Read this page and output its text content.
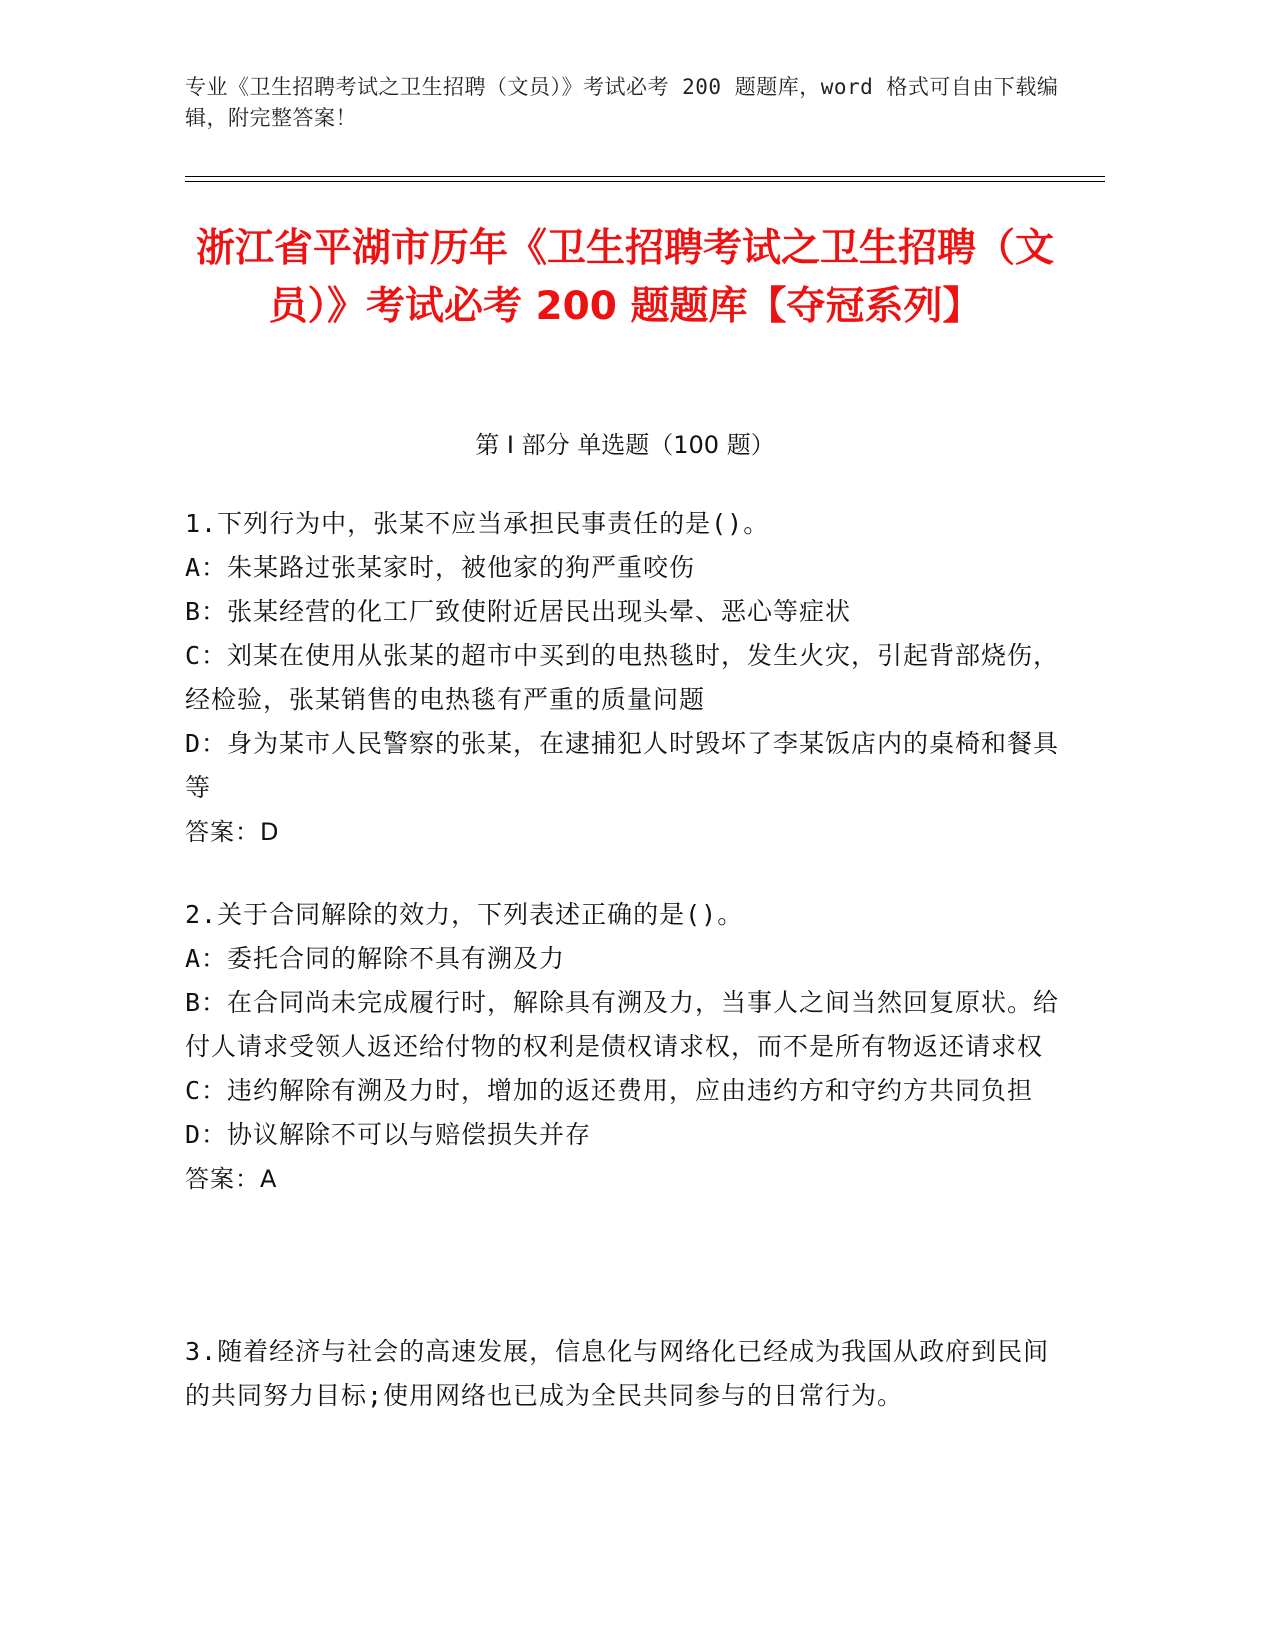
专业《卫生招聘考试之卫生招聘（文员）》考试必考 200 题题库，word 格式可自由下载编辑，附完整答案！
浙江省平湖市历年《卫生招聘考试之卫生招聘（文员）》考试必考 200 题题库【夺冠系列】
第 I 部分 单选题（100 题）

1.下列行为中，张某不应当承担民事责任的是()。

A：朱某路过张某家时，被他家的狗严重咬伤

B：张某经营的化工厂致使附近居民出现头晕、恶心等症状

C：刘某在使用从张某的超市中买到的电热毯时，发生火灾，引起背部烧伤，经检验，张某销售的电热毯有严重的质量问题

D：身为某市人民警察的张某，在逮捕犯人时毁坏了李某饭店内的桌椅和餐具等

答案：D

2.关于合同解除的效力，下列表述正确的是()。

A：委托合同的解除不具有溯及力

B：在合同尚未完成履行时，解除具有溯及力，当事人之间当然回复原状。给付人请求受领人返还给付物的权利是债权请求权，而不是所有物返还请求权

C：违约解除有溯及力时，增加的返还费用，应由违约方和守约方共同负担

D：协议解除不可以与赔偿损失并存

答案：A

3.随着经济与社会的高速发展，信息化与网络化已经成为我国从政府到民间的共同努力目标;使用网络也已成为全民共同参与的日常行为。
